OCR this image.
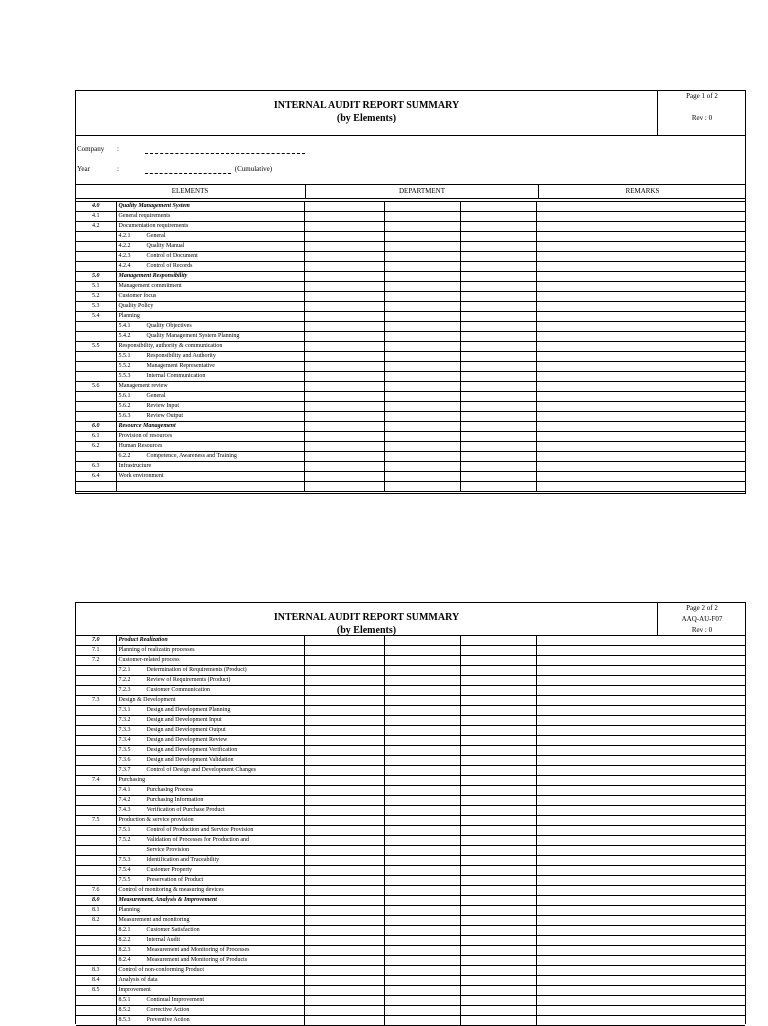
INTERNAL AUDIT REPORT SUMMARY
(by Elements)
Page 1 of 2
Rev : 0
Company :
Year	:	(Cumulative)
ELEMENTS	DEPARTMENT	REMARKS
4.0	Quality Management System				
4.1	General requirements				
4.2	Documentation requirements				
	4.2.1 General				
	4.2.2 Quality Manual				
	4.2.3 Control of Document				
	4.2.4 Control of Records				
5.0	Management Responsibility				
5.1	Management commitment				
5.2	Customer focus				
5.3	Quality Policy				
5.4	Planning				
	5.4.1 Quality Objectives				
	5.4.2 Quality Management System Planning				
5.5	Responsibility, authority & communication				
	5.5.1 Responsibility and Authority				
	5.5.2 Management Representative				
	5.5.3 Internal Communication				
5.6	Management review				
	5.6.1 General				
	5.6.2 Review Input				
	5.6.3 Review Output				
6.0	Resource Management				
6.1	Provision of resources				
6.2	Human Resources				
	6.2.2 Competence, Awareness and Training				
6.3	Infrastructure				
6.4	Work environment				

INTERNAL AUDIT REPORT SUMMARY
(by Elements)
Page 2 of 2
AAQ-AU-F07
Rev : 0
7.0	Product Realization				
7.1	Planning of realizatin processes				
7.2	Customer-related process				
	7.2.1 Determination of Requirements (Product)				
	7.2.2 Review of Requirements (Product)				
	7.2.3 Customer Communication				
7.3	Design & Development				
	7.3.1 Design and Development Planning				
	7.3.2 Design and Development Input				
	7.3.3 Design and Development Output				
	7.3.4 Design and Development Review				
	7.3.5 Design and Development Verification				
	7.3.6 Design and Development Validation				
	7.3.7 Control of Design and Development Changes				
7.4	Purchasing				
	7.4.1 Purchasing Process				
	7.4.2 Purchasing Information				
	7.4.3 Verification of Purchase Product				
7.5	Production & service provision				
	7.5.1 Control of Production and Service Provision				
	7.5.2 Validation of Processes for Production and				
	Service Provision				
	7.5.3 Identification and Traceability				
	7.5.4 Customer Property				
	7.5.5 Preservation of Product				
7.6	Control of monitoring & measuring devices				
8.0	Measurement, Analysis & Improvement				
8.1	Planning				
8.2	Measurement and monitoring				
	8.2.1 Customer Satisfaction				
	8.2.2 Internal Audit				
	8.2.3 Measurement and Monitoring of Processes				
	8.2.4 Measurement and Monitoring of Products				
8.3	Control of non-conforming Product				
8.4	Analysis of data				
8.5	Improvement				
	8.5.1 Continual Improvement				
	8.5.2 Corrective Action				
	8.5.3 Preventive Action				
